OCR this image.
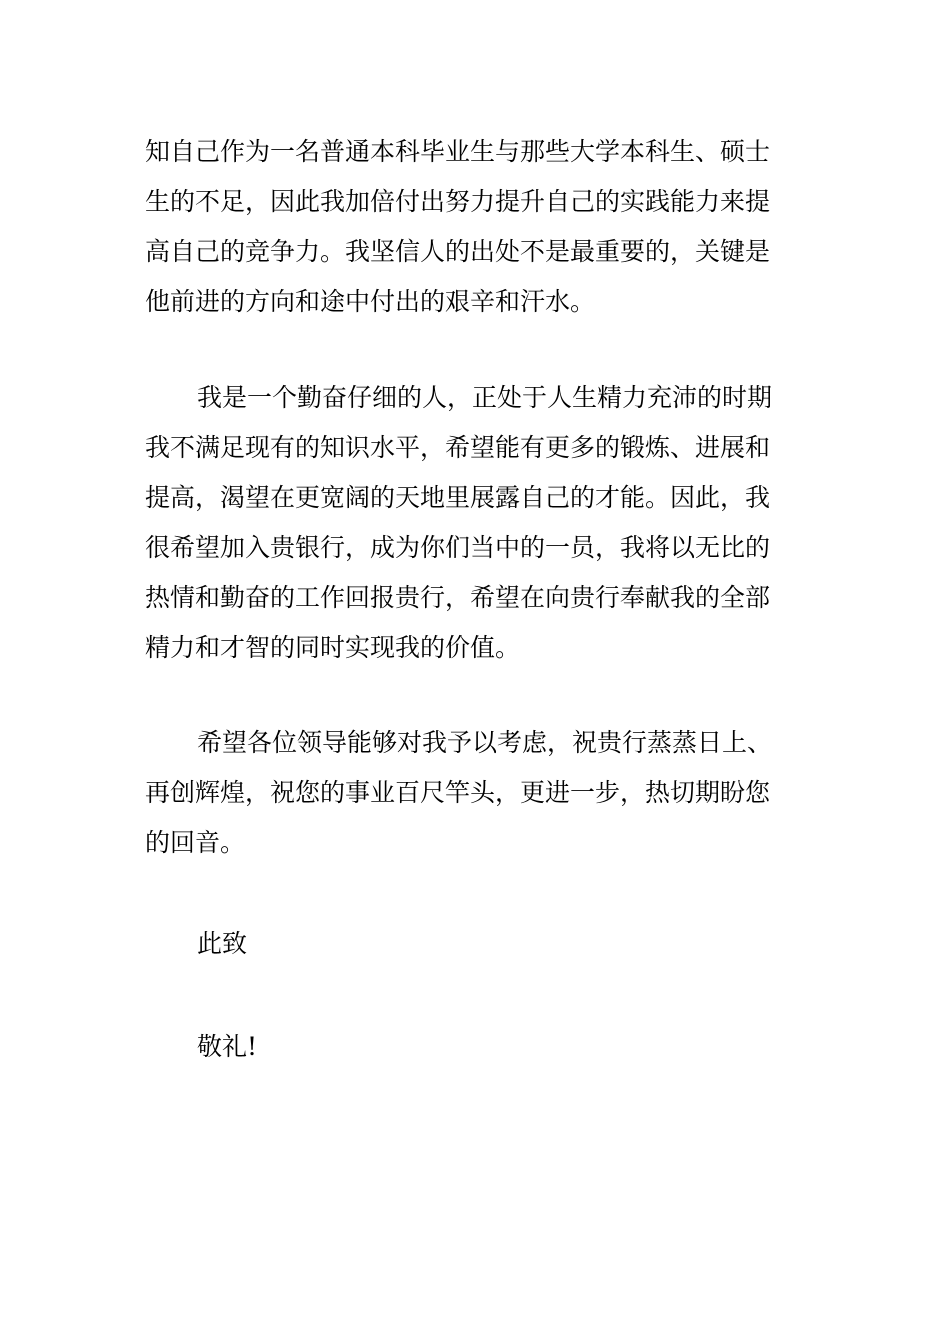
知自己作为一名普通本科毕业生与那些大学本科生、硕士
生的不足，因此我加倍付出努力提升自己的实践能力来提
高自己的竞争力。我坚信人的出处不是最重要的，关键是
他前进的方向和途中付出的艰辛和汗水。
我是一个勤奋仔细的人，正处于人生精力充沛的时期
我不满足现有的知识水平，希望能有更多的锻炼、进展和
提高，渴望在更宽阔的天地里展露自己的才能。因此，我
很希望加入贵银行，成为你们当中的一员，我将以无比的
热情和勤奋的工作回报贵行，希望在向贵行奉献我的全部
精力和才智的同时实现我的价值。
希望各位领导能够对我予以考虑，祝贵行蒸蒸日上、
再创辉煌，祝您的事业百尺竿头，更进一步，热切期盼您
的回音。
此致
敬礼!
